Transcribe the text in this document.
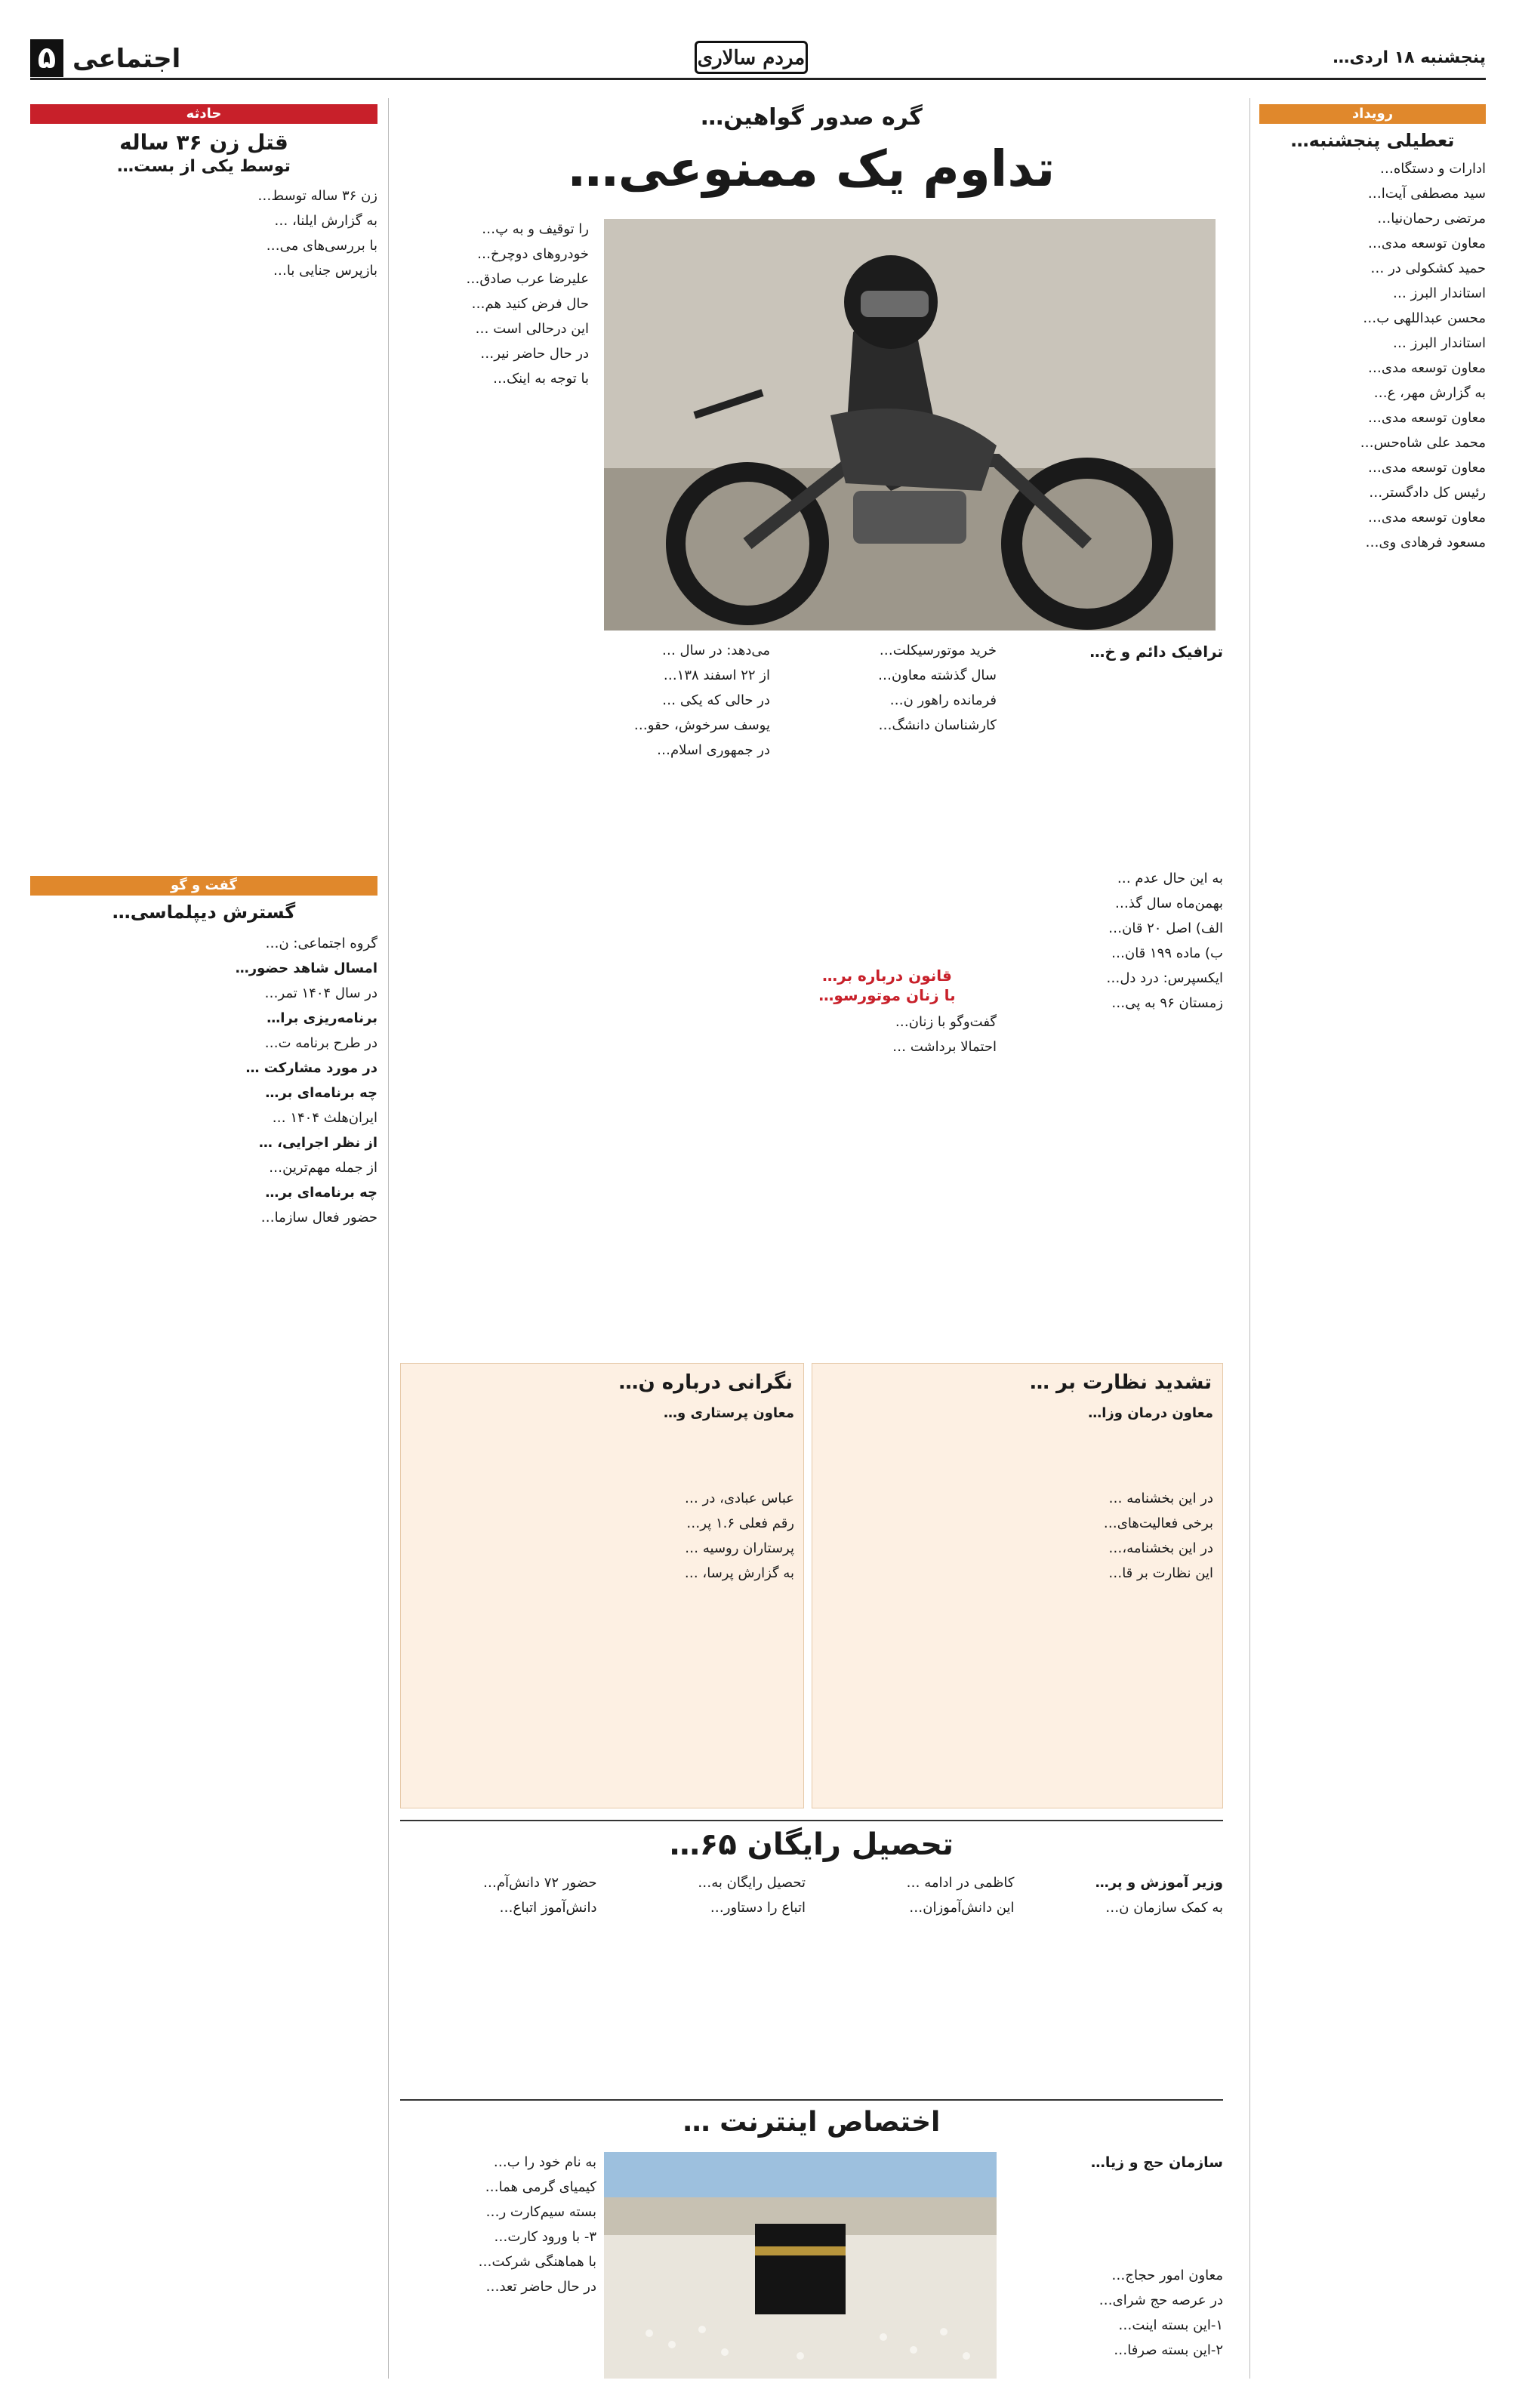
۵ اجتماعی	مردم سالاری	پنجشنبه ۱۸ اردی…
رویداد
تعطیلی پنجشنبه…

ادارات و دستگاه…

سید مصطفی آیت‌ا…

مرتضی رحمان‌نیا…

معاون توسعه مدی…

حمید کشکولی در …

استاندار البرز …

محسن عبداللهی ب…

استاندار البرز …

معاون توسعه مدی…

به گزارش مهر، ع…

معاون توسعه مدی…

محمد علی شاه‌حس…

معاون توسعه مدی…

رئیس کل دادگستر…

معاون توسعه مدی…

مسعود فرهادی وی…

حادثه
قتل زن ۳۶ ساله
توسط یکی از بست…

زن ۳۶ ساله توسط…

به گزارش ایلنا، …

با بررسی‌های می…

بازپرس جنایی با…

گفت و گو
گسترش دیپلماسی…

گروه اجتماعی: ن…

امسال شاهد حضور…

در سال ۱۴۰۴ تمر…

برنامه‌ریزی برا…

در طرح برنامه ت…

در مورد مشارکت …

چه برنامه‌ای بر…

ایران‌هلث ۱۴۰۴ …

از نظر اجرایی، …

از جمله مهم‌ترین…

چه برنامه‌ای بر…

حضور فعال سازما…

گره صدور گواهین…
تداوم یک ممنوعی…
ترافیک دائم و خ…

به این حال عدم …

بهمن‌ماه سال گذ…

الف) اصل ۲۰ قان…

ب) ماده ۱۹۹ قان…

ایکسپرس: درد دل…

زمستان ۹۶ به پی…

خرید موتورسیکلت…

سال گذشته معاون…

فرمانده راهور ن…

کارشناسان دانشگ…

قانون درباره بر…
با زنان موتورسو…

گفت‌وگو با زنان…

احتمالا برداشت …

می‌دهد: در سال …

از ۲۲ اسفند ۱۳۸…

در حالی که یکی …

یوسف سرخوش، حقو…

در جمهوری اسلام…

را توقیف و به پ…

خودروهای دوچرخ…

علیرضا عرب صادق…

حال فرض کنید هم…

این درحالی است …

در حال حاضر نیر…

با توجه به اینک…

تشدید نظارت بر …
معاون درمان وزا…

در این بخشنامه …

برخی فعالیت‌های…

در این بخشنامه،…

این نظارت بر قا…

نگرانی درباره ن…
معاون پرستاری و…

عباس عبادی، در …

رقم فعلی ۱.۶ پر…

پرستاران روسیه …

به گزارش پرسا، …

تحصیل رایگان ۶۵…

وزیر آموزش و پر…

به کمک سازمان ن…

کاظمی در ادامه …

این دانش‌آموزان…

تحصیل رایگان به…

اتباع را دستاور…

حضور ۷۲ دانش‌آم…

دانش‌آموز اتباع…

اختصاص اینترنت …
سازمان حج و زیا…

معاون امور حجاج…

در عرصه حج شرای…

۱-این بسته اینت…

۲-این بسته صرفا…

به نام خود را ب…

کیمیای گرمی هما…

بسته سیم‌کارت ر…

۳- با ورود کارت…

با هماهنگی شرکت…

در حال حاضر تعد…
